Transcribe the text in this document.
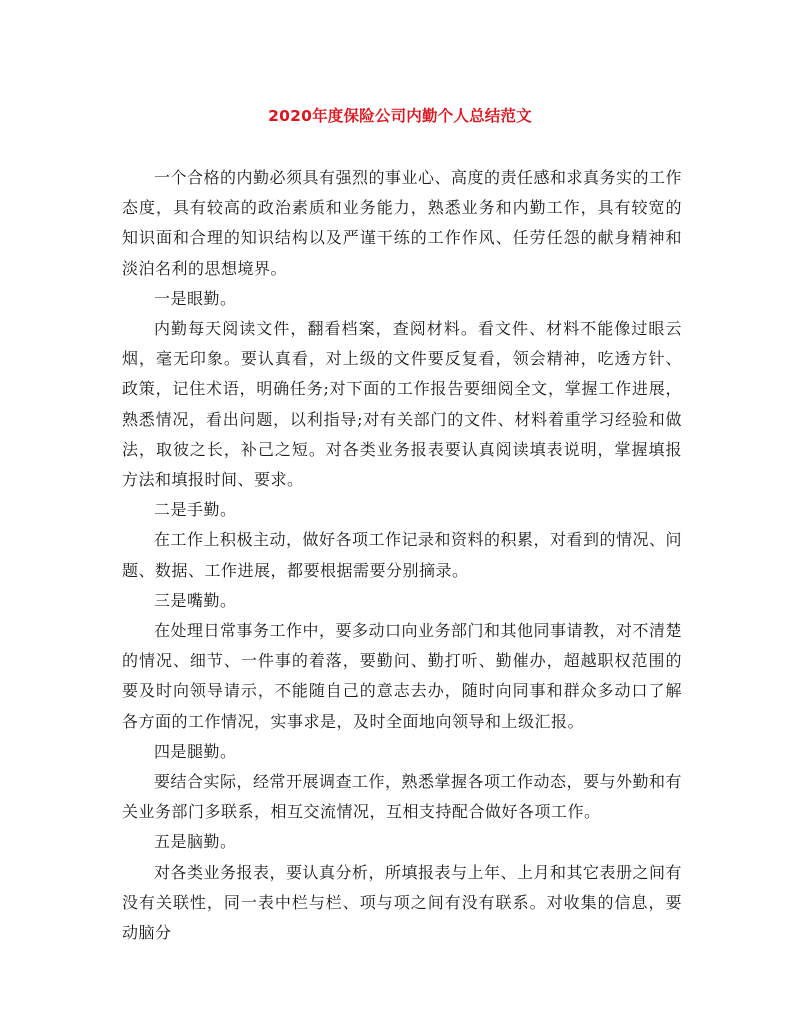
2020年度保险公司内勤个人总结范文

一个合格的内勤必须具有强烈的事业心、高度的责任感和求真务实的工作态度，具有较高的政治素质和业务能力，熟悉业务和内勤工作，具有较宽的知识面和合理的知识结构以及严谨干练的工作作风、任劳任怨的献身精神和淡泊名利的思想境界。

一是眼勤。

内勤每天阅读文件，翻看档案，查阅材料。看文件、材料不能像过眼云烟，毫无印象。要认真看，对上级的文件要反复看，领会精神，吃透方针、政策，记住术语，明确任务;对下面的工作报告要细阅全文，掌握工作进展，熟悉情况，看出问题，以利指导;对有关部门的文件、材料着重学习经验和做法，取彼之长，补己之短。对各类业务报表要认真阅读填表说明，掌握填报方法和填报时间、要求。

二是手勤。

在工作上积极主动，做好各项工作记录和资料的积累，对看到的情况、问题、数据、工作进展，都要根据需要分别摘录。

三是嘴勤。

在处理日常事务工作中，要多动口向业务部门和其他同事请教，对不清楚的情况、细节、一件事的着落，要勤问、勤打听、勤催办，超越职权范围的要及时向领导请示，不能随自己的意志去办，随时向同事和群众多动口了解各方面的工作情况，实事求是，及时全面地向领导和上级汇报。

四是腿勤。

要结合实际，经常开展调查工作，熟悉掌握各项工作动态，要与外勤和有关业务部门多联系，相互交流情况，互相支持配合做好各项工作。

五是脑勤。

对各类业务报表，要认真分析，所填报表与上年、上月和其它表册之间有没有关联性，同一表中栏与栏、项与项之间有没有联系。对收集的信息，要动脑分
